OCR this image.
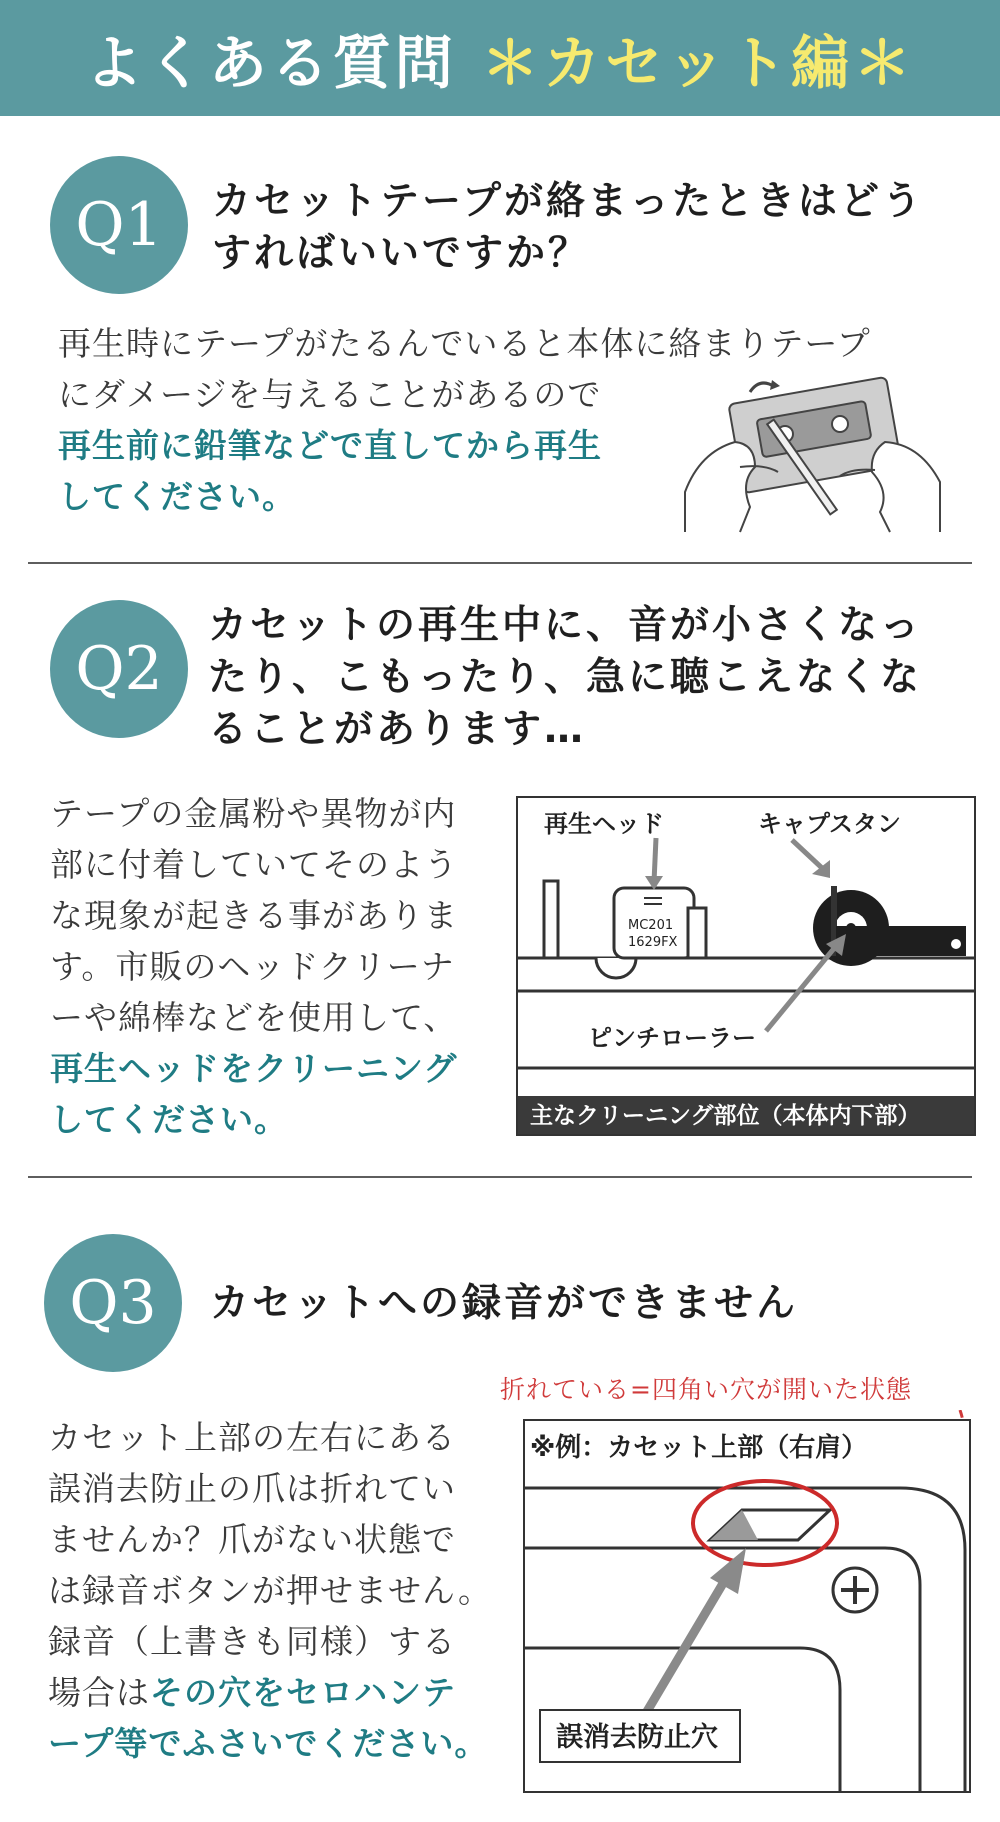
よくある質問 ＊カセット編＊
Q1	カセットテープが絡まったときはどう
すればいいですか？
再生時にテープがたるんでいると本体に絡まりテープ
にダメージを与えることがあるので
再生前に鉛筆などで直してから再生
してください。
Q2
カセットの再生中に、音が小さくなっ
たり、こもったり、急に聴こえなくな
ることがあります…
テープの金属粉や異物が内
部に付着していてそのよう
な現象が起きる事がありま
す。市販のヘッドクリーナ
ーや綿棒などを使用して、
再生ヘッドをクリーニング
してください。
再生ヘッド	キャプスタン
MC201
1629FX
ピンチローラー
主なクリーニング部位（本体内下部）
Q3	カセットへの録音ができません
折れている=四角い穴が開いた状態
カセット上部の左右にある
誤消去防止の爪は折れてい
ませんか？爪がない状態で
は録音ボタンが押せません。
録音（上書きも同様）する
場合はその穴をセロハンテ
ープ等でふさいでください。
※例：カセット上部（右肩）
誤消去防止穴
